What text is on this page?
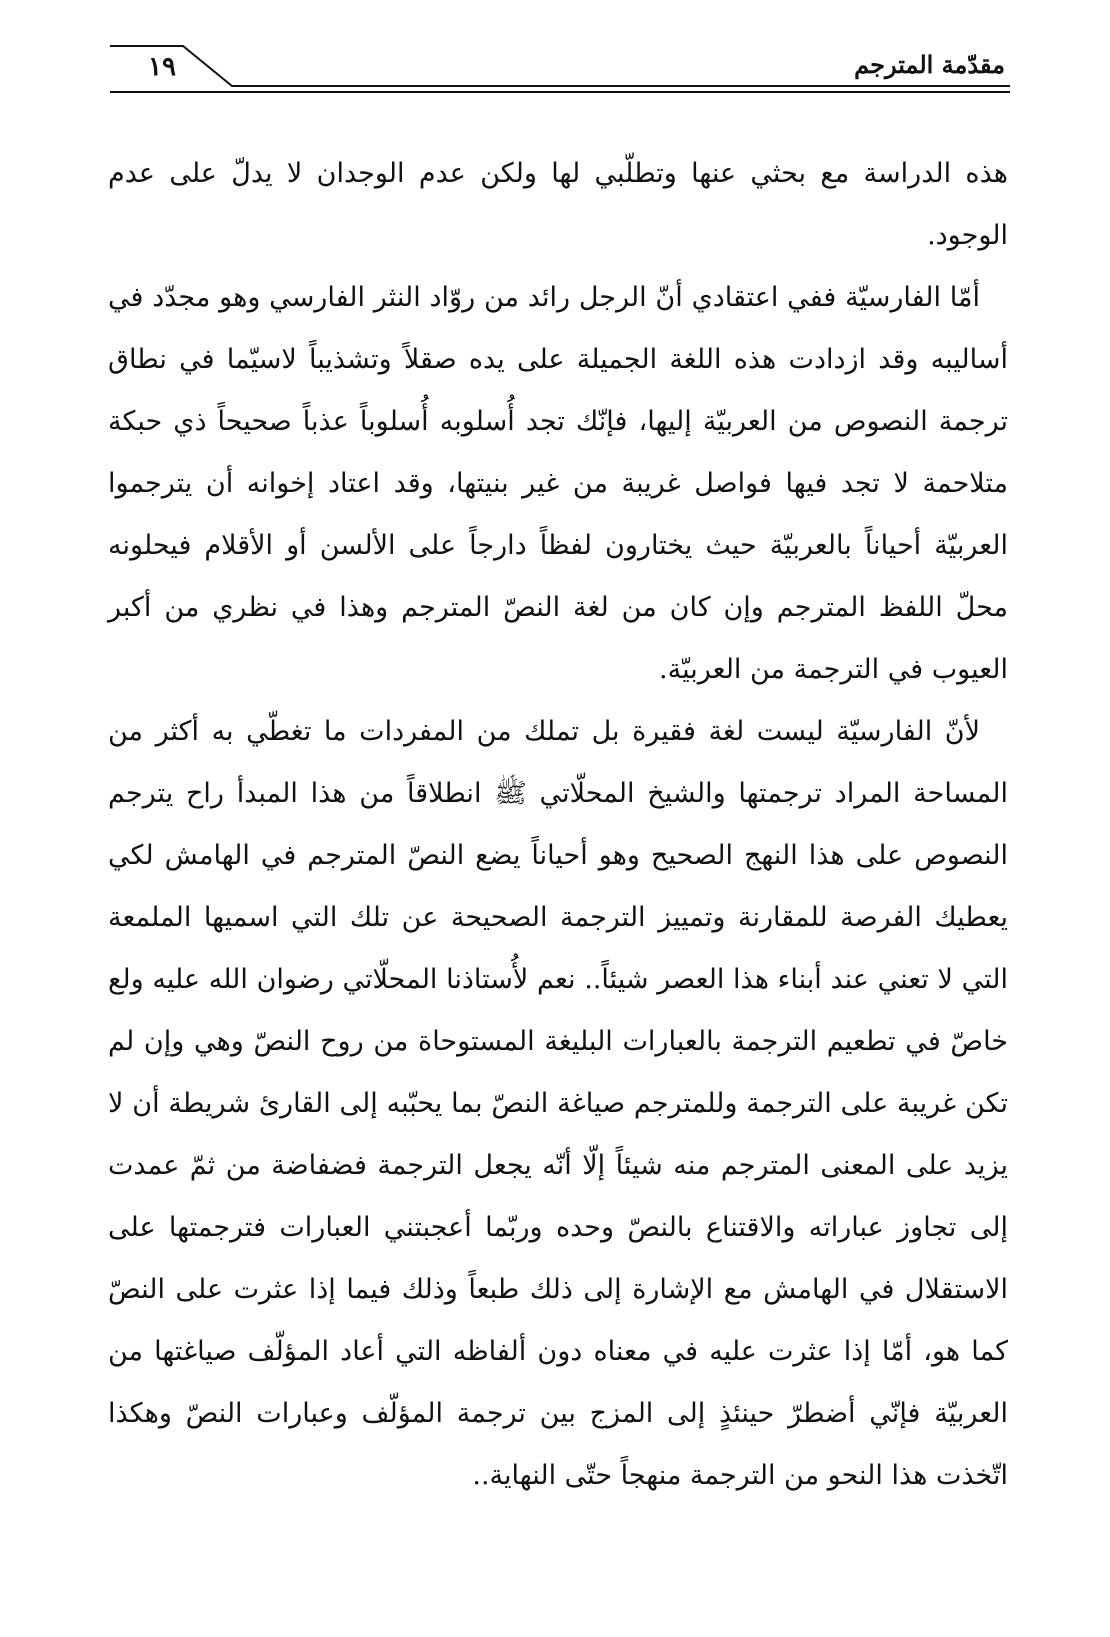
مقدّمة المترجم
١٩

هذه الدراسة مع بحثي عنها وتطلّبي لها ولكن عدم الوجدان لا يدلّ على عدم الوجود.

أمّا الفارسيّة ففي اعتقادي أنّ الرجل رائد من روّاد النثر الفارسي وهو مجدّد في أساليبه وقد ازدادت هذه اللغة الجميلة على يده صقلاً وتشذيباً لاسيّما في نطاق ترجمة النصوص من العربيّة إليها، فإنّك تجد أُسلوبه أُسلوباً عذباً صحيحاً ذي حبكة متلاحمة لا تجد فيها فواصل غريبة من غير بنيتها، وقد اعتاد إخوانه أن يترجموا العربيّة أحياناً بالعربيّة حيث يختارون لفظاً دارجاً على الألسن أو الأقلام فيحلونه محلّ اللفظ المترجم وإن كان من لغة النصّ المترجم وهذا في نظري من أكبر العيوب في الترجمة من العربيّة.

لأنّ الفارسيّة ليست لغة فقيرة بل تملك من المفردات ما تغطّي به أكثر من المساحة المراد ترجمتها والشيخ المحلّاتي ﷺ انطلاقاً من هذا المبدأ راح يترجم النصوص على هذا النهج الصحيح وهو أحياناً يضع النصّ المترجم في الهامش لكي يعطيك الفرصة للمقارنة وتمييز الترجمة الصحيحة عن تلك التي اسميها الملمعة التي لا تعني عند أبناء هذا العصر شيئاً.. نعم لأُستاذنا المحلّاتي رضوان الله عليه ولع خاصّ في تطعيم الترجمة بالعبارات البليغة المستوحاة من روح النصّ وهي وإن لم تكن غريبة على الترجمة وللمترجم صياغة النصّ بما يحبّبه إلى القارئ شريطة أن لا يزيد على المعنى المترجم منه شيئاً إلّا أنّه يجعل الترجمة فضفاضة من ثمّ عمدت إلى تجاوز عباراته والاقتناع بالنصّ وحده وربّما أعجبتني العبارات فترجمتها على الاستقلال في الهامش مع الإشارة إلى ذلك طبعاً وذلك فيما إذا عثرت على النصّ كما هو، أمّا إذا عثرت عليه في معناه دون ألفاظه التي أعاد المؤلّف صياغتها من العربيّة فإنّي أضطرّ حينئذٍ إلى المزج بين ترجمة المؤلّف وعبارات النصّ وهكذا اتّخذت هذا النحو من الترجمة منهجاً حتّى النهاية..
